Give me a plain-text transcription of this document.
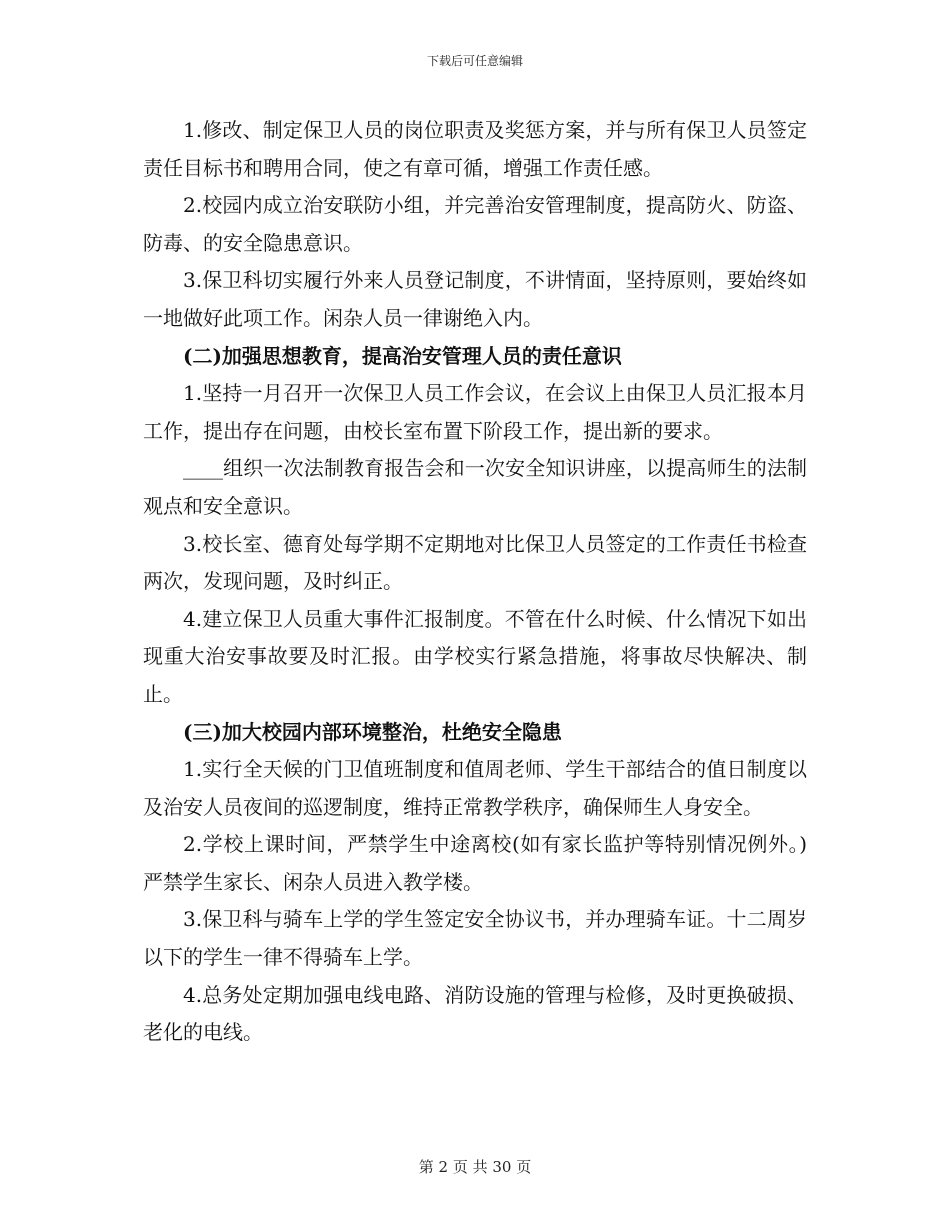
下载后可任意编辑

1.修改、制定保卫人员的岗位职责及奖惩方案，并与所有保卫人员签定责任目标书和聘用合同，使之有章可循，增强工作责任感。

2.校园内成立治安联防小组，并完善治安管理制度，提高防火、防盗、防毒、的安全隐患意识。

3.保卫科切实履行外来人员登记制度，不讲情面，坚持原则，要始终如一地做好此项工作。闲杂人员一律谢绝入内。

(二)加强思想教育，提高治安管理人员的责任意识

1.坚持一月召开一次保卫人员工作会议，在会议上由保卫人员汇报本月工作，提出存在问题，由校长室布置下阶段工作，提出新的要求。

____组织一次法制教育报告会和一次安全知识讲座，以提高师生的法制观点和安全意识。

3.校长室、德育处每学期不定期地对比保卫人员签定的工作责任书检查两次，发现问题，及时纠正。

4.建立保卫人员重大事件汇报制度。不管在什么时候、什么情况下如出现重大治安事故要及时汇报。由学校实行紧急措施，将事故尽快解决、制止。

(三)加大校园内部环境整治，杜绝安全隐患

1.实行全天候的门卫值班制度和值周老师、学生干部结合的值日制度以及治安人员夜间的巡逻制度，维持正常教学秩序，确保师生人身安全。

2.学校上课时间，严禁学生中途离校(如有家长监护等特别情况例外。)严禁学生家长、闲杂人员进入教学楼。

3.保卫科与骑车上学的学生签定安全协议书，并办理骑车证。十二周岁以下的学生一律不得骑车上学。

4.总务处定期加强电线电路、消防设施的管理与检修，及时更换破损、老化的电线。

第 2 页 共 30 页
